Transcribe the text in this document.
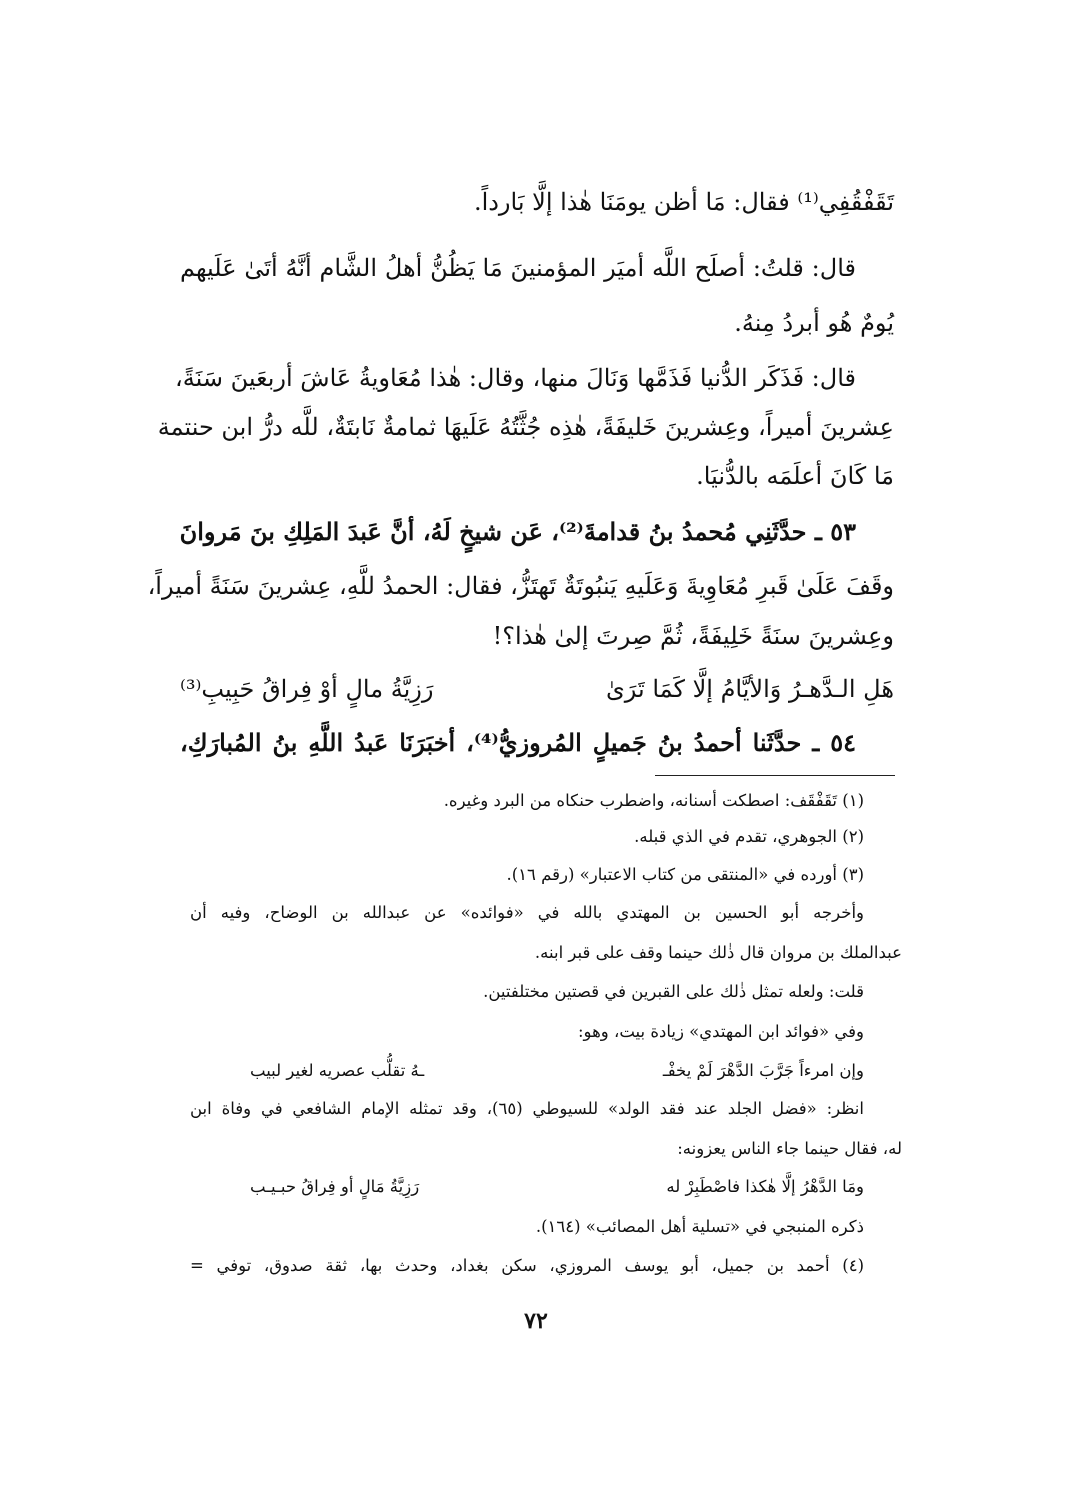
تَقَفْقُفِي⁽¹⁾ فقال: مَا أظن يومَنَا هٰذا إلَّا بَارداً.
قال: قلتُ: أصلَح اللَّه أميَر المؤمنينَ مَا يَظُنُّ أهلُ الشَّام أنَّهُ أتَىٰ عَلَيهم
يُومٌ هُو أبردُ مِنهُ.
قال: فَذَكَر الدُّنيا فَذَمَّها وَنَالَ منها، وقال: هٰذا مُعَاويةُ عَاشَ أربعَينَ سَنَةً،
عِشرينَ أميراً، وعِشرينَ خَليفَةً، هٰذِه جُثَّتُهُ عَلَيهَا ثمامةٌ نَابتَةٌ، للَّه درُّ ابن حنتمة
مَا كَانَ أعلَمَه بالدُّنيَا.
٥٣ ـ حدَّثَنِي مُحمدُ بنُ قدامةَ⁽²⁾، عَن شيخٍ لَهُ، أنَّ عَبدَ المَلِكِ بنَ مَروانَ
وقَفَ عَلَىٰ قَبرِ مُعَاوِيةَ وَعَلَيهِ يَنبُوتَةٌ تَهتَزُّ، فقال: الحمدُ للَّهِ، عِشرينَ سَنَةً أميراً،
وعِشرينَ سنَةً خَلِيفَةً، ثُمَّ صِرتَ إلىٰ هٰذا؟!
هَلِ الـدَّهـرُ وَالأيَّامُ إلَّا كَمَا تَرَىٰ
رَزِيَّةُ مالٍ أوْ فِراقُ حَبِيبِ⁽³⁾
٥٤ ـ حدَّثَنا أحمدُ بنُ جَميلٍ المُروزيُّ⁽⁴⁾، أخبَرَنَا عَبدُ اللَّهِ بنُ المُبارَكِ،
(١) تَقَفْقَف: اصطكت أسنانه، واضطرب حنكاه من البرد وغيره.
(٢) الجوهري، تقدم في الذي قبله.
(٣) أورده في «المنتقى من كتاب الاعتبار» (رقم ١٦).
وأخرجه أبو الحسين بن المهتدي بالله في «فوائده» عن عبدالله بن الوضاح، وفيه أن
عبدالملك بن مروان قال ذٰلك حينما وقف على قبر ابنه.
قلت: ولعله تمثل ذٰلك على القبرين في قصتين مختلفتين.
وفي «فوائد ابن المهتدي» زيادة بيت، وهو:
وإن امرءاً جَرَّبَ الدَّهْرَ لَمْ يخفْـ
ـهُ تقلُّب عصريه لغير لبيب
انظر: «فضل الجلد عند فقد الولد» للسيوطي (٦٥)، وقد تمثله الإمام الشافعي في وفاة ابن
له، فقال حينما جاء الناس يعزونه:
ومَا الدَّهْرُ إلَّا هٰكذا فاصْطَبِرْ له
رَزِيَّةُ مَالٍ أو فِراقُ حبـيـب
ذكره المنبجي في «تسلية أهل المصائب» (١٦٤).
(٤) أحمد بن جميل، أبو يوسف المروزي، سكن بغداد، وحدث بها، ثقة صدوق، توفي =
٧٢
